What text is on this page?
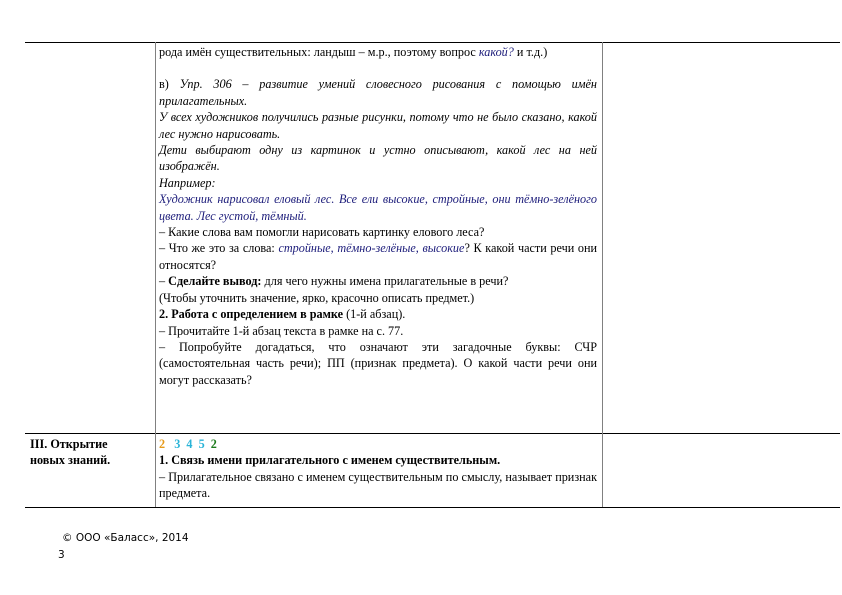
рода имён существительных: ландыш – м.р., поэтому вопрос какой? и т.д.)

в) Упр. 306 – развитие умений словесного рисования с помощью имён прилагательных.

У всех художников получились разные рисунки, потому что не было сказано, какой лес нужно нарисовать.

Дети выбирают одну из картинок и устно описывают, какой лес на ней изображён.

Например:

Художник нарисовал еловый лес. Все ели высокие, стройные, они тёмно-зелёного цвета. Лес густой, тёмный.

– Какие слова вам помогли нарисовать картинку елового леса?

– Что же это за слова: стройные, тёмно-зелёные, высокие? К какой части речи они относятся?

– Сделайте вывод: для чего нужны имена прилагательные в речи?

(Чтобы уточнить значение, ярко, красочно описать предмет.)

2. Работа с определением в рамке (1-й абзац).

– Прочитайте 1-й абзац текста в рамке на с. 77.

– Попробуйте догадаться, что означают эти загадочные буквы: СЧР (самостоятельная часть речи); ПП (признак предмета). О какой части речи они могут рассказать?

III. Открытие
новых знаний.

2 3 4 5 2

1. Связь имени прилагательного с именем существительным.

– Прилагательное связано с именем существительным по смыслу, называет признак предмета.

© ООО «Баласс», 2014
3
